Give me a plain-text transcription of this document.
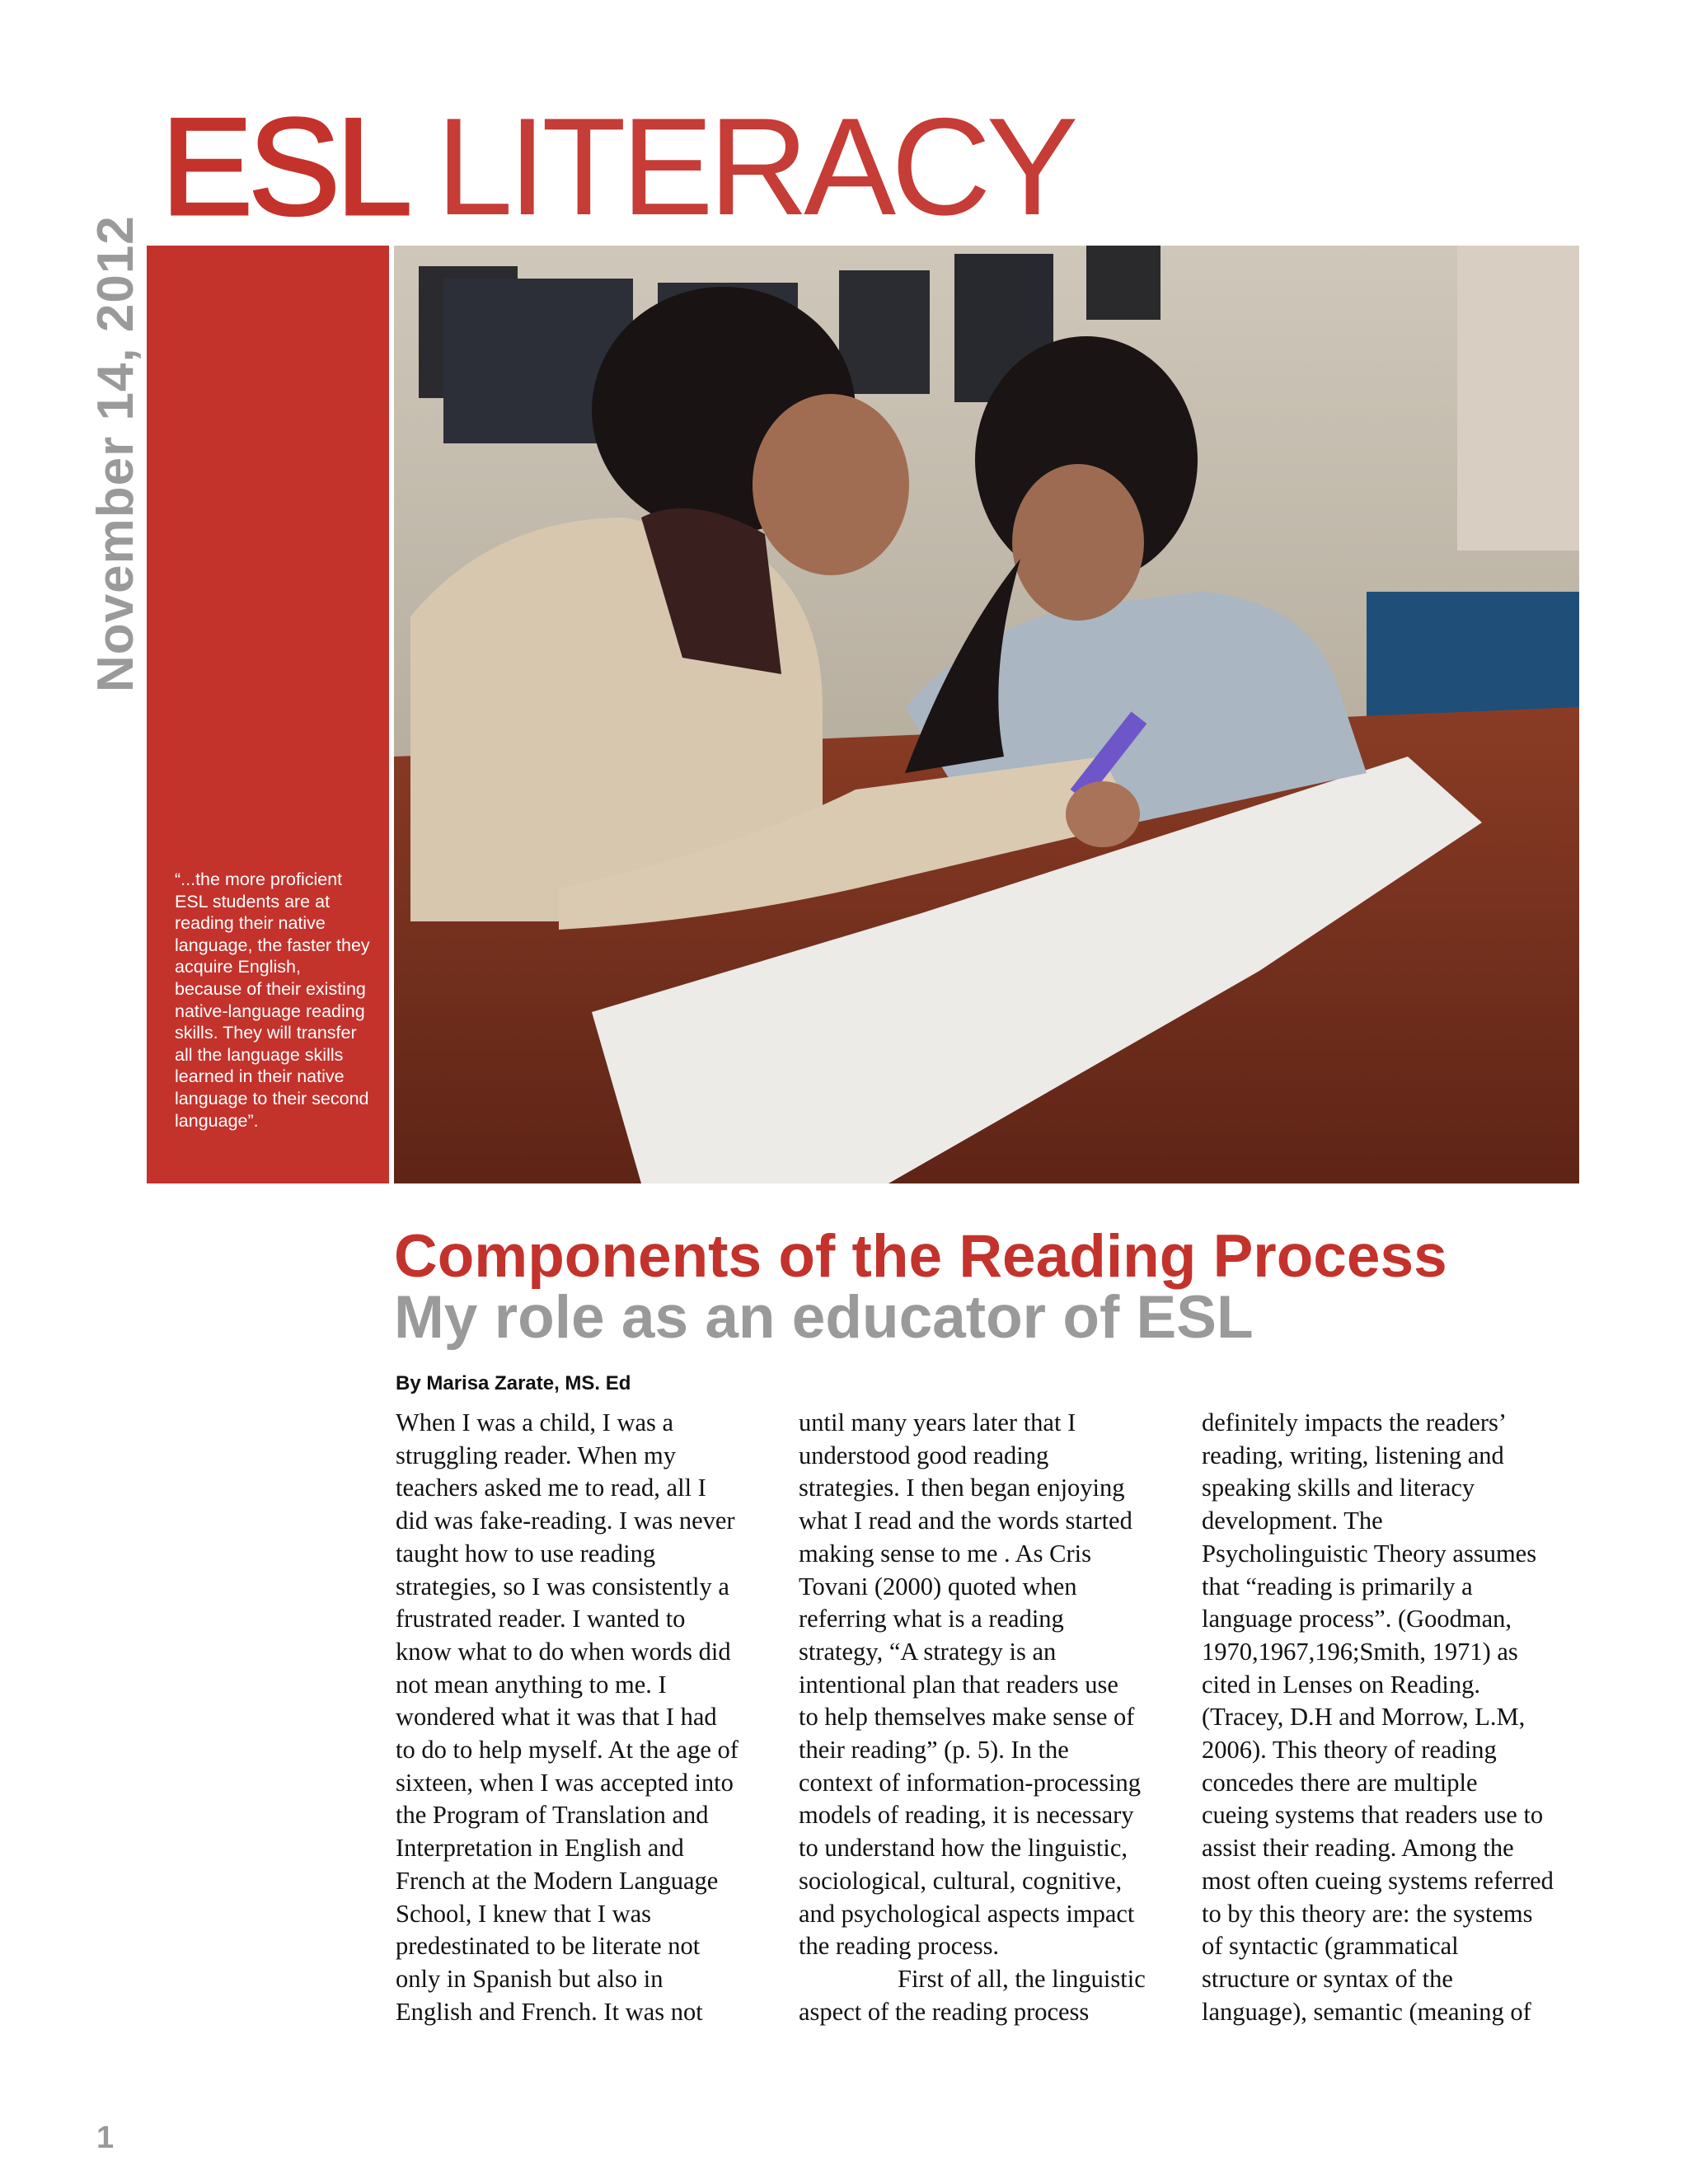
ESL LITERACY
November 14, 2012

“...the more proficient ESL students are at reading their native language, the faster they acquire English, because of their existing native-language reading skills. They will transfer all the language skills learned in their native language to their second language”.

Components of the Reading Process
My role as an educator of ESL

By Marisa Zarate, MS. Ed

When I was a child, I was a
struggling reader. When my
teachers asked me to read, all I
did was fake-reading. I was never
taught how to use reading
strategies, so I was consistently a
frustrated reader. I wanted to
know what to do when words did
not mean anything to me. I
wondered what it was that I had
to do to help myself. At the age of
sixteen, when I was accepted into
the Program of Translation and
Interpretation in English and
French at the Modern Language
School, I knew that I was
predestinated to be literate not
only in Spanish but also in
English and French. It was not
until many years later that I
understood good reading
strategies. I then began enjoying
what I read and the words started
making sense to me . As Cris
Tovani (2000) quoted when
referring what is a reading
strategy, “A strategy is an
intentional plan that readers use
to help themselves make sense of
their reading” (p. 5). In the
context of information-processing
models of reading, it is necessary
to understand how the linguistic,
sociological, cultural, cognitive,
and psychological aspects impact
the reading process.
First of all, the linguistic
aspect of the reading process
definitely impacts the readers’
reading, writing, listening and
speaking skills and literacy
development. The
Psycholinguistic Theory assumes
that “reading is primarily a
language process”. (Goodman,
1970,1967,196;Smith, 1971) as
cited in Lenses on Reading.
(Tracey, D.H and Morrow, L.M,
2006). This theory of reading
concedes there are multiple
cueing systems that readers use to
assist their reading. Among the
most often cueing systems referred
to by this theory are: the systems
of syntactic (grammatical
structure or syntax of the
language), semantic (meaning of
1
